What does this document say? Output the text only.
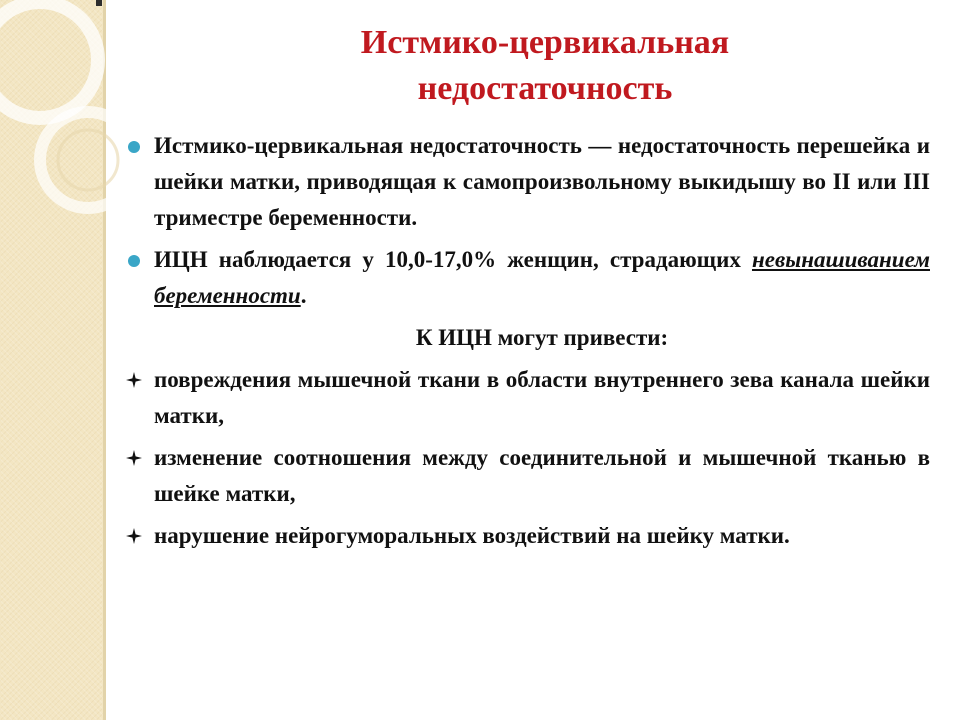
Истмико-цервикальная
недостаточность
Истмико-цервикальная недостаточность — недостаточность перешейка и шейки матки, приводящая к самопроизвольному выкидышу во II или III триместре беременности.
ИЦН наблюдается у 10,0-17,0% женщин, страдающих невынашиванием беременности.
К ИЦН могут привести:
повреждения мышечной ткани в области внутреннего зева канала шейки матки,
изменение соотношения между соединительной и мышечной тканью в шейке матки,
нарушение нейрогуморальных воздействий на шейку матки.
